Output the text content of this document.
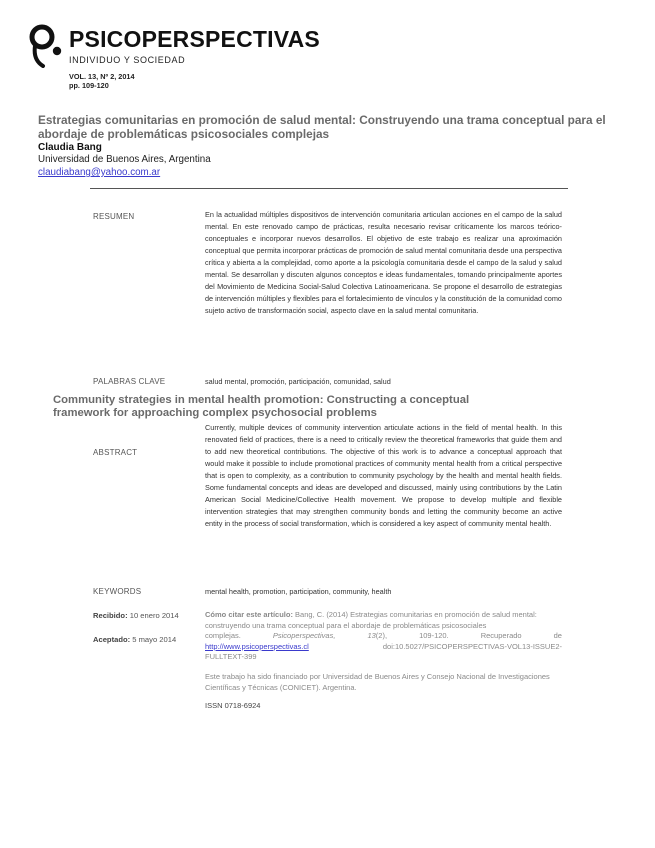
PSICOPERSPECTIVAS
INDIVIDUO Y SOCIEDAD
VOL. 13, Nº 2, 2014
pp. 109-120
Estrategias comunitarias en promoción de salud mental: Construyendo una trama conceptual para el abordaje de problemáticas psicosociales complejas
Claudia Bang
Universidad de Buenos Aires, Argentina
claudiabang@yahoo.com.ar
RESUMEN	En la actualidad múltiples dispositivos de intervención comunitaria articulan acciones en el campo de la salud mental. En este renovado campo de prácticas, resulta necesario revisar críticamente los marcos teórico-conceptuales e incorporar nuevos desarrollos. El objetivo de este trabajo es realizar una aproximación conceptual que permita incorporar prácticas de promoción de salud mental comunitaria desde una perspectiva crítica y abierta a la complejidad, como aporte a la psicología comunitaria desde el campo de la salud y salud mental. Se desarrollan y discuten algunos conceptos e ideas fundamentales, tomando principalmente aportes del Movimiento de Medicina Social-Salud Colectiva Latinoamericana. Se propone el desarrollo de estrategias de intervención múltiples y flexibles para el fortalecimiento de vínculos y la constitución de la comunidad como sujeto activo de transformación social, aspecto clave en la salud mental comunitaria.
PALABRAS CLAVE	salud mental, promoción, participación, comunidad, salud
Community strategies in mental health promotion: Constructing a conceptual framework for approaching complex psychosocial problems
ABSTRACT
Currently, multiple devices of community intervention articulate actions in the field of mental health. In this renovated field of practices, there is a need to critically review the theoretical frameworks that guide them and to add new theoretical contributions. The objective of this work is to advance a conceptual approach that would make it possible to include promotional practices of community mental health from a critical perspective that is open to complexity, as a contribution to community psychology by the health and mental health fields. Some fundamental concepts and ideas are developed and discussed, mainly using contributions by the Latin American Social Medicine/Collective Health movement. We propose to develop multiple and flexible intervention strategies that may strengthen community bonds and letting the community become an active entity in the process of social transformation, which is considered a key aspect of community mental health.
KEYWORDS	mental health, promotion, participation, community, health
Recibido: 10 enero 2014
Aceptado: 5 mayo 2014
Cómo citar este artículo: Bang, C. (2014) Estrategias comunitarias en promoción de salud mental: construyendo una trama conceptual para el abordaje de problemáticas psicosociales
complejas.	Psicoperspectivas,	13(2),	109-120.	Recuperado	de
http://www.psicoperspectivas.cl	doi:10.5027/PSICOPERSPECTIVAS-VOL13-ISSUE2-
FULLTEXT-399
Este trabajo ha sido financiado por Universidad de Buenos Aires y Consejo Nacional de Investigaciones Científicas y Técnicas (CONICET). Argentina.
ISSN 0718-6924
